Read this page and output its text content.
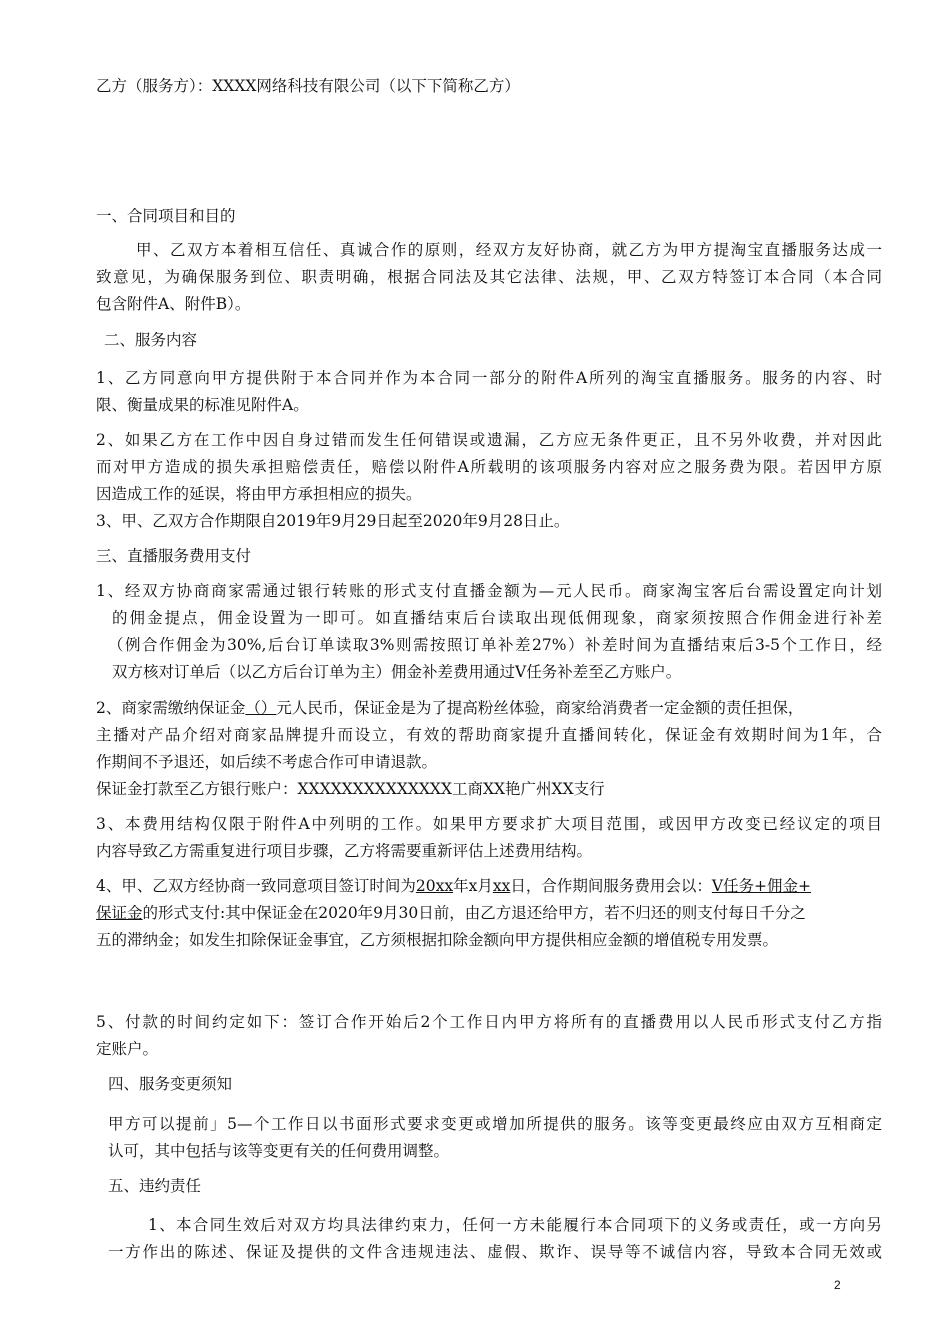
乙方（服务方）：XXXX网络科技有限公司（以下下简称乙方）
一、合同项目和目的
甲、乙双方本着相互信任、真诚合作的原则，经双方友好协商，就乙方为甲方提淘宝直播服务达成一
致意见，为确保服务到位、职责明确，根据合同法及其它法律、法规，甲、乙双方特签订本合同（本合同
包含附件A、附件B）。
二、服务内容
1、乙方同意向甲方提供附于本合同并作为本合同一部分的附件A所列的淘宝直播服务。服务的内容、时
限、衡量成果的标准见附件A。
2、如果乙方在工作中因自身过错而发生任何错误或遗漏，乙方应无条件更正，且不另外收费，并对因此
而对甲方造成的损失承担赔偿责任，赔偿以附件A所载明的该项服务内容对应之服务费为限。若因甲方原
因造成工作的延误，将由甲方承担相应的损失。
3、甲、乙双方合作期限自2019年9月29日起至2020年9月28日止。
三、直播服务费用支付
1、经双方协商商家需通过银行转账的形式支付直播金额为—元人民币。商家淘宝客后台需设置定向计划
的佣金提点，佣金设置为一即可。如直播结束后台读取出现低佣现象，商家须按照合作佣金进行补差
（例合作佣金为30%,后台订单读取3%则需按照订单补差27%）补差时间为直播结束后3-5个工作日，经
双方核对订单后（以乙方后台订单为主）佣金补差费用通过V任务补差至乙方账户。
2、商家需缴纳保证金（）元人民币，保证金是为了提高粉丝体验，商家给消费者一定金额的责任担保，
主播对产品介绍对商家品牌提升而设立，有效的帮助商家提升直播间转化，保证金有效期时间为1年，合
作期间不予退还，如后续不考虑合作可申请退款。
保证金打款至乙方银行账户：XXXXXXXXXXXXXX工商XX艳广州XX支行
3、本费用结构仅限于附件A中列明的工作。如果甲方要求扩大项目范围，或因甲方改变已经议定的项目
内容导致乙方需重复进行项目步骤，乙方将需要重新评估上述费用结构。
4、甲、乙双方经协商一致同意项目签订时间为20xx年x月xx日，合作期间服务费用会以：V任务+佣金+
保证金的形式支付:其中保证金在2020年9月30日前，由乙方退还给甲方，若不归还的则支付每日千分之
五的滞纳金；如发生扣除保证金事宜，乙方须根据扣除金额向甲方提供相应金额的增值税专用发票。
5、付款的时间约定如下：签订合作开始后2个工作日内甲方将所有的直播费用以人民币形式支付乙方指
定账户。
四、服务变更须知
甲方可以提前」5—个工作日以书面形式要求变更或增加所提供的服务。该等变更最终应由双方互相商定
认可，其中包括与该等变更有关的任何费用调整。
五、违约责任
1、本合同生效后对双方均具法律约束力，任何一方未能履行本合同项下的义务或责任，或一方向另
一方作出的陈述、保证及提供的文件含违规违法、虚假、欺诈、误导等不诚信内容，导致本合同无效或
2
